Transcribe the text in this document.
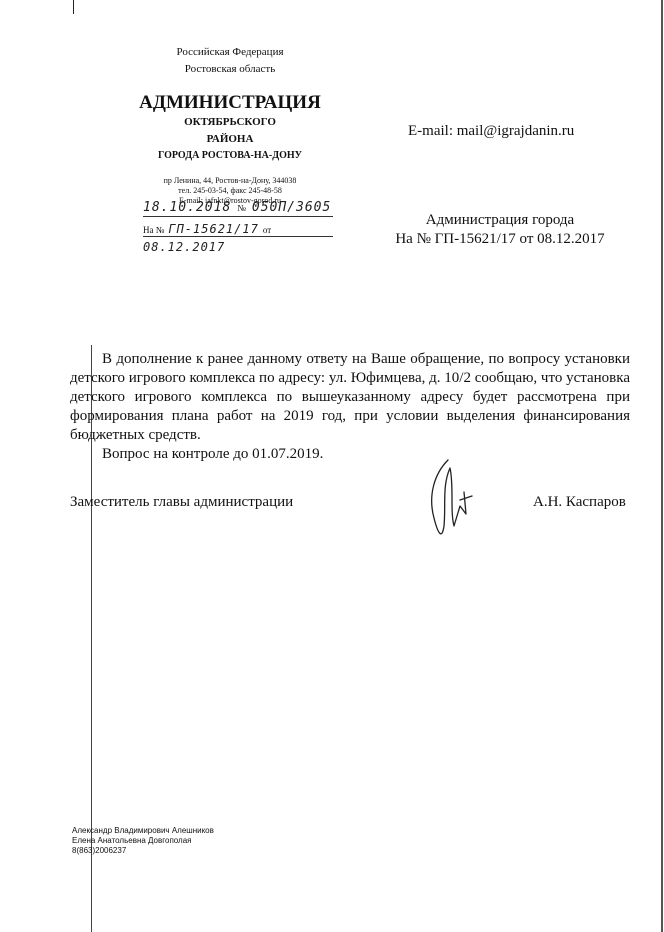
Российская Федерация
Ростовская область
АДМИНИСТРАЦИЯ
ОКТЯБРЬСКОГО
РАЙОНА
ГОРОДА РОСТОВА-НА-ДОНУ
пр Ленина, 44, Ростов-на-Дону, 344038
тел. 245-03-54, факс 245-48-58
E-mail: iafnkt@rostov-gorod.ru
18.10.2018 № 050П/3605
На № ГП-15621/17 от 08.12.2017
E-mail: mail@igrajdanin.ru
Администрация города
На № ГП-15621/17 от 08.12.2017

В дополнение к ранее данному ответу на Ваше обращение, по вопросу установки детского игрового комплекса по адресу: ул. Юфимцева, д. 10/2 сообщаю, что установка детского игрового комплекса по вышеуказанному адресу будет рассмотрена при формирования плана работ на 2019 год, при условии выделения финансирования бюджетных средств.

Вопрос на контроле до 01.07.2019.

Заместитель главы администрации	А.Н. Каспаров
Александр Владимирович Алешников
Елена Анатольевна Довгополая
8(863)2006237
